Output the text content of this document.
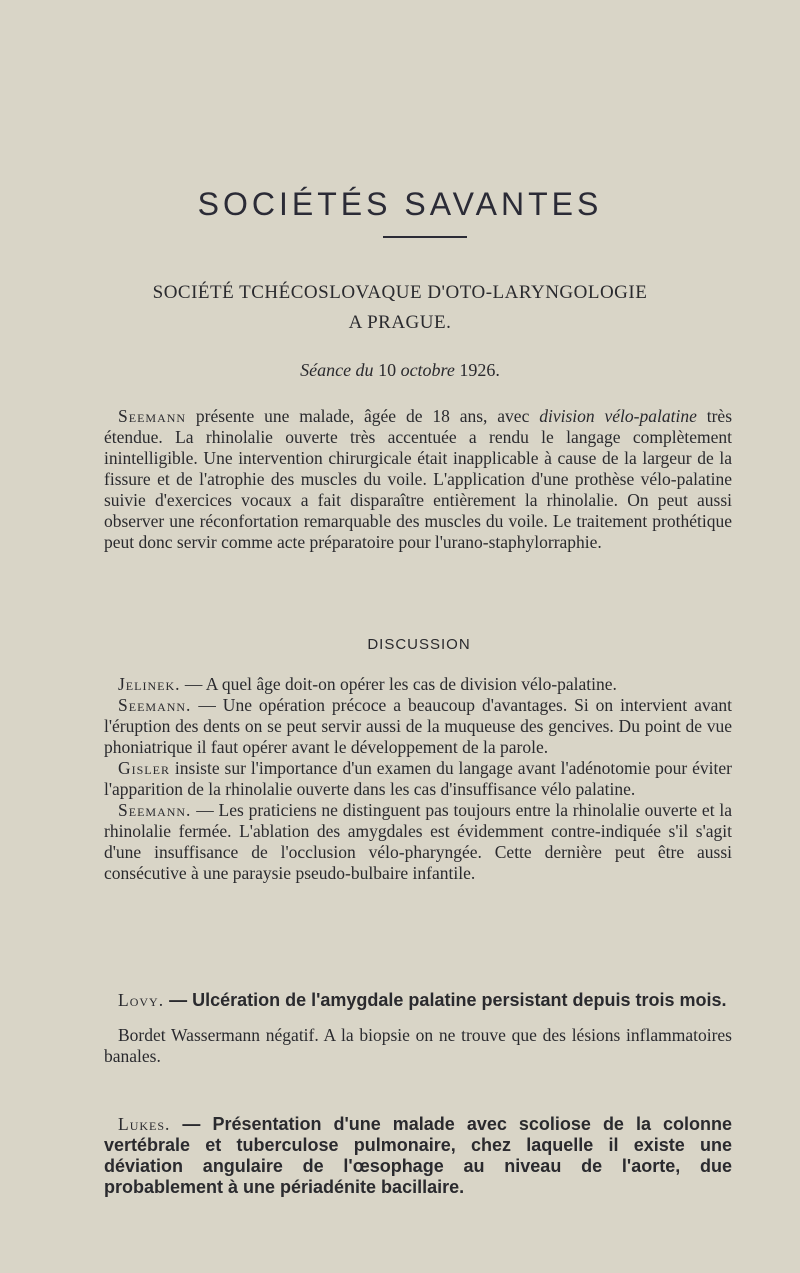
SOCIÉTÉS SAVANTES
SOCIÉTÉ TCHÉCOSLOVAQUE D'OTO-LARYNGOLOGIE
A PRAGUE.
Séance du 10 octobre 1926.

Seemann présente une malade, âgée de 18 ans, avec division vélo-palatine très étendue. La rhinolalie ouverte très accentuée a rendu le langage complètement inintelligible. Une intervention chirurgicale était inapplicable à cause de la largeur de la fissure et de l'atrophie des muscles du voile. L'application d'une prothèse vélo-palatine suivie d'exercices vocaux a fait disparaître entièrement la rhinolalie. On peut aussi observer une réconfortation remarquable des muscles du voile. Le traitement prothétique peut donc servir comme acte préparatoire pour l'urano-staphylorraphie.

DISCUSSION

Jelinek. — A quel âge doit-on opérer les cas de division vélo-palatine.

Seemann. — Une opération précoce a beaucoup d'avantages. Si on intervient avant l'éruption des dents on se peut servir aussi de la muqueuse des gencives. Du point de vue phoniatrique il faut opérer avant le développement de la parole.

Gisler insiste sur l'importance d'un examen du langage avant l'adénotomie pour éviter l'apparition de la rhinolalie ouverte dans les cas d'insuffisance vélo palatine.

Seemann. — Les praticiens ne distinguent pas toujours entre la rhinolalie ouverte et la rhinolalie fermée. L'ablation des amygdales est évidemment contre-indiquée s'il s'agit d'une insuffisance de l'occlusion vélo-pharyngée. Cette dernière peut être aussi consécutive à une paraysie pseudo-bulbaire infantile.

Lovy. — Ulcération de l'amygdale palatine persistant depuis trois mois.

Bordet Wassermann négatif. A la biopsie on ne trouve que des lésions inflammatoires banales.

Lukes. — Présentation d'une malade avec scoliose de la colonne vertébrale et tuberculose pulmonaire, chez laquelle il existe une déviation angulaire de l'œsophage au niveau de l'aorte, due probablement à une périadénite bacillaire.
